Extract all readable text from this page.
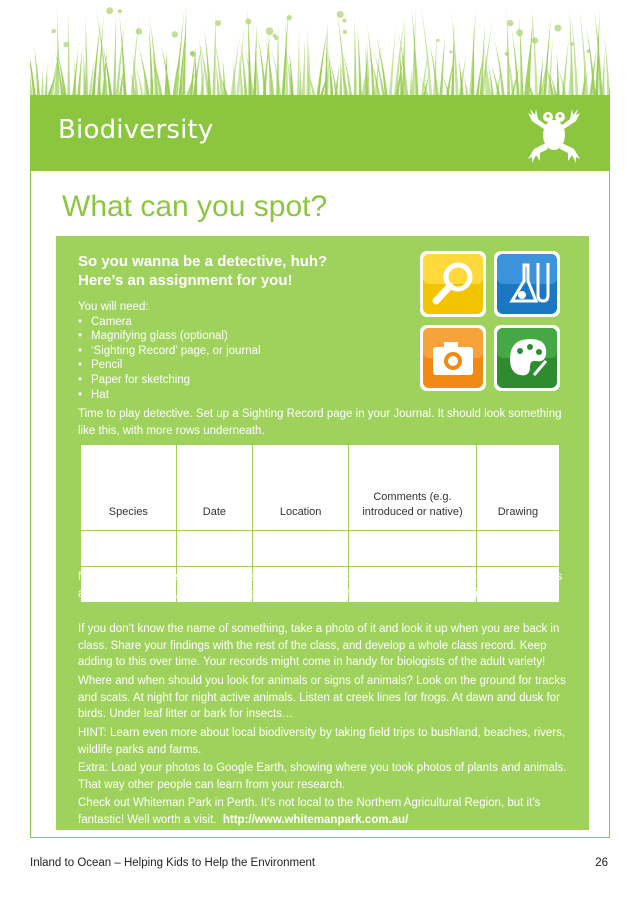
Biodiversity
What can you spot?
So you wanna be a detective, huh?
Here’s an assignment for you!
You will need:
• Camera
• Magnifying glass (optional)
• ‘Sighting Record’ page, or journal
• Pencil
• Paper for sketching
• Hat
Time to play detective. Set up a Sighting Record page in your Journal. It should look something like this, with more rows underneath.
Species	Date	Location	Comments (e.g. introduced or native)	Drawing

Now, sneak outside with your class. (You have to be careful so you don’t scare all the creatures away!) Photograph, make note of or draw all the plants and animals (biodiversity) that you see.
If you don’t know the name of something, take a photo of it and look it up when you are back in class. Share your findings with the rest of the class, and develop a whole class record. Keep adding to this over time. Your records might come in handy for biologists of the adult variety!
Where and when should you look for animals or signs of animals? Look on the ground for tracks and scats. At night for night active animals. Listen at creek lines for frogs. At dawn and dusk for birds. Under leaf litter or bark for insects…
HINT: Learn even more about local biodiversity by taking field trips to bushland, beaches, rivers, wildlife parks and farms.
Extra: Load your photos to Google Earth, showing where you took photos of plants and animals. That way other people can learn from your research.
Check out Whiteman Park in Perth. It’s not local to the Northern Agricultural Region, but it’s fantastic! Well worth a visit. http://www.whitemanpark.com.au/
Inland to Ocean – Helping Kids to Help the Environment	26
